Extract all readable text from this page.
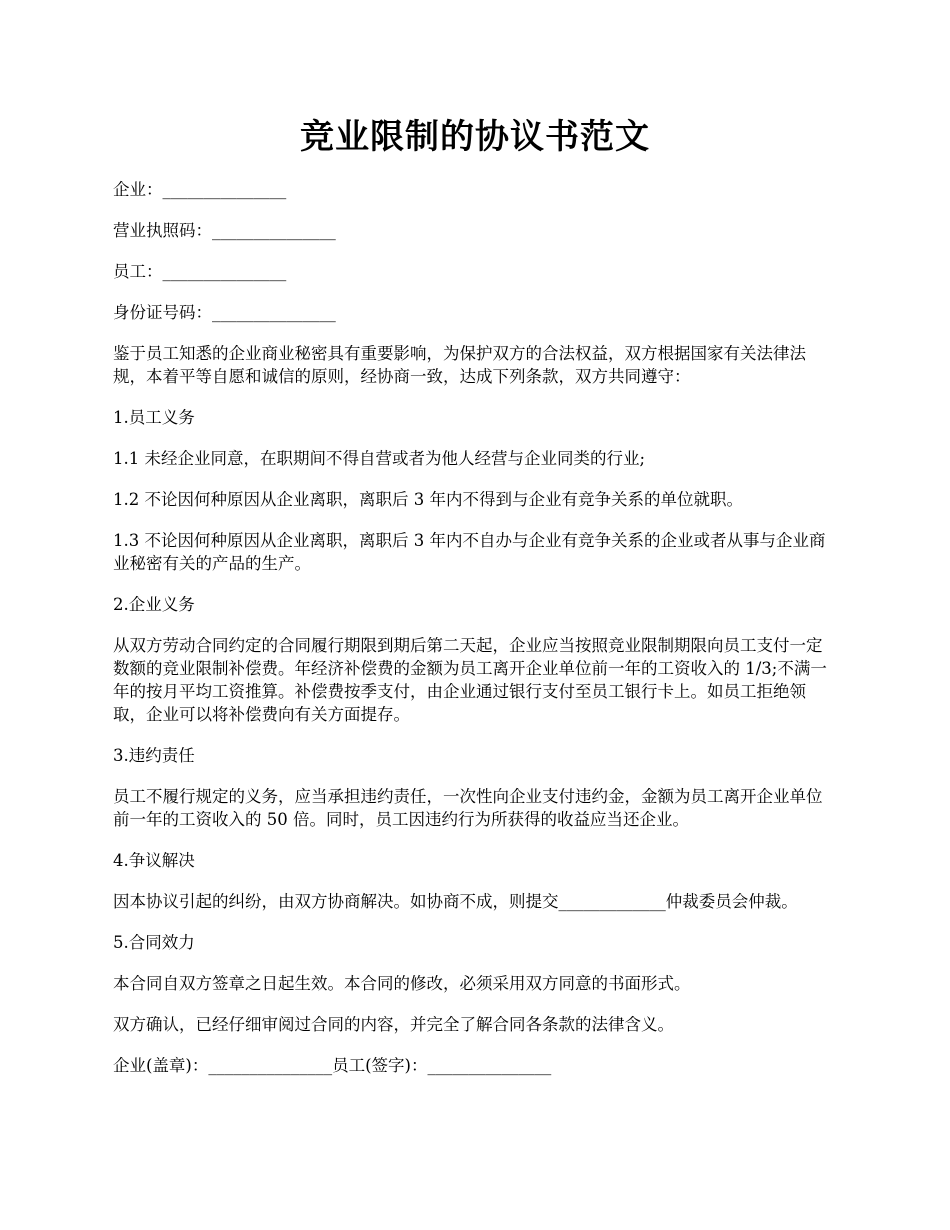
竞业限制的协议书范文

企业：_______________

营业执照码：_______________

员工：_______________

身份证号码：_______________

鉴于员工知悉的企业商业秘密具有重要影响，为保护双方的合法权益，双方根据国家有关法律法规，本着平等自愿和诚信的原则，经协商一致，达成下列条款，双方共同遵守：

1.员工义务

1.1 未经企业同意，在职期间不得自营或者为他人经营与企业同类的行业;

1.2 不论因何种原因从企业离职，离职后 3 年内不得到与企业有竞争关系的单位就职。

1.3 不论因何种原因从企业离职，离职后 3 年内不自办与企业有竞争关系的企业或者从事与企业商业秘密有关的产品的生产。

2.企业义务

从双方劳动合同约定的合同履行期限到期后第二天起，企业应当按照竞业限制期限向员工支付一定数额的竞业限制补偿费。年经济补偿费的金额为员工离开企业单位前一年的工资收入的 1/3;不满一年的按月平均工资推算。补偿费按季支付，由企业通过银行支付至员工银行卡上。如员工拒绝领取，企业可以将补偿费向有关方面提存。

3.违约责任

员工不履行规定的义务，应当承担违约责任，一次性向企业支付违约金，金额为员工离开企业单位前一年的工资收入的 50 倍。同时，员工因违约行为所获得的收益应当还企业。

4.争议解决

因本协议引起的纠纷，由双方协商解决。如协商不成，则提交_____________仲裁委员会仲裁。

5.合同效力

本合同自双方签章之日起生效。本合同的修改，必须采用双方同意的书面形式。

双方确认，已经仔细审阅过合同的内容，并完全了解合同各条款的法律含义。

企业(盖章)：_______________员工(签字)：_______________
